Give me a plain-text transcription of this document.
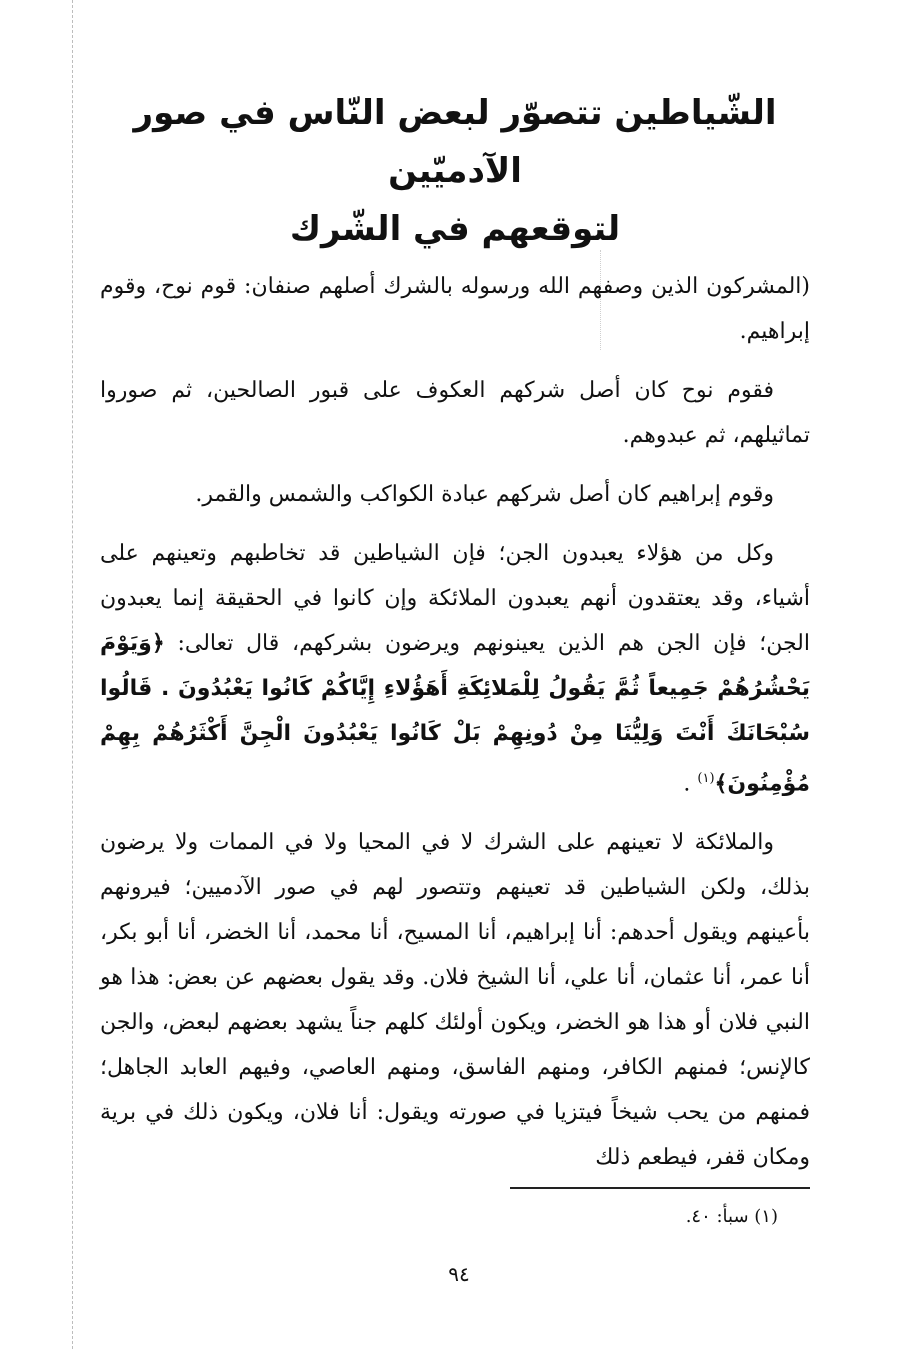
الشّياطين تتصوّر لبعض النّاس في صور الآدميّين
لتوقعهم في الشّرك

(المشركون الذين وصفهم الله ورسوله بالشرك أصلهم صنفان: قوم نوح، وقوم إبراهيم.

فقوم نوح كان أصل شركهم العكوف على قبور الصالحين، ثم صوروا تماثيلهم، ثم عبدوهم.

وقوم إبراهيم كان أصل شركهم عبادة الكواكب والشمس والقمر.

وكل من هؤلاء يعبدون الجن؛ فإن الشياطين قد تخاطبهم وتعينهم على أشياء، وقد يعتقدون أنهم يعبدون الملائكة وإن كانوا في الحقيقة إنما يعبدون الجن؛ فإن الجن هم الذين يعينونهم ويرضون بشركهم، قال تعالى: ﴿وَيَوْمَ يَحْشُرُهُمْ جَمِيعاً ثُمَّ يَقُولُ لِلْمَلائِكَةِ أَهَؤُلاءِ إِيَّاكُمْ كَانُوا يَعْبُدُونَ . قَالُوا سُبْحَانَكَ أَنْتَ وَلِيُّنَا مِنْ دُونِهِمْ بَلْ كَانُوا يَعْبُدُونَ الْجِنَّ أَكْثَرُهُمْ بِهِمْ مُؤْمِنُونَ﴾$^{(١)}$ .

والملائكة لا تعينهم على الشرك لا في المحيا ولا في الممات ولا يرضون بذلك، ولكن الشياطين قد تعينهم وتتصور لهم في صور الآدميين؛ فيرونهم بأعينهم ويقول أحدهم: أنا إبراهيم، أنا المسيح، أنا محمد، أنا الخضر، أنا أبو بكر، أنا عمر، أنا عثمان، أنا علي، أنا الشيخ فلان. وقد يقول بعضهم عن بعض: هذا هو النبي فلان أو هذا هو الخضر، ويكون أولئك كلهم جناً يشهد بعضهم لبعض، والجن كالإنس؛ فمنهم الكافر، ومنهم الفاسق، ومنهم العاصي، وفيهم العابد الجاهل؛ فمنهم من يحب شيخاً فيتزيا في صورته ويقول: أنا فلان، ويكون ذلك في برية ومكان قفر، فيطعم ذلك

(١) سبأ: ٤٠.
٩٤
